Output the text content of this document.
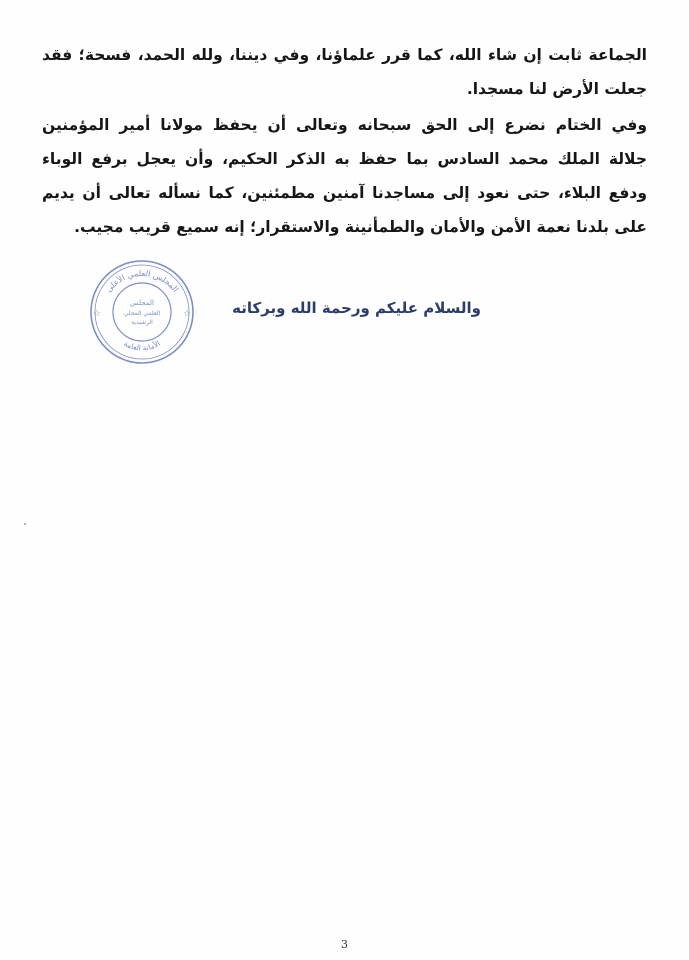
الجماعة ثابت إن شاء الله، كما قرر علماؤنا، وفي ديننا، ولله الحمد، فسحة؛ فقد
جعلت الأرض لنا مسجدا.
وفي الختام نضرع إلى الحق سبحانه وتعالى أن يحفظ مولانا أمير المؤمنين
جلالة الملك محمد السادس بما حفظ به الذكر الحكيم، وأن يعجل برفع الوباء
ودفع البلاء، حتى نعود إلى مساجدنا آمنين مطمئنين، كما نسأله تعالى أن يديم
على بلدنا نعمة الأمن والأمان والطمأنينة والاستقرار؛ إنه سميع قريب مجيب.
والسلام عليكم ورحمة الله وبركاته
المجلس العلمي الأعلى
الأمانة العامة
المجلس
العلمي المحلي
الرشيدية
☆	☆
3
